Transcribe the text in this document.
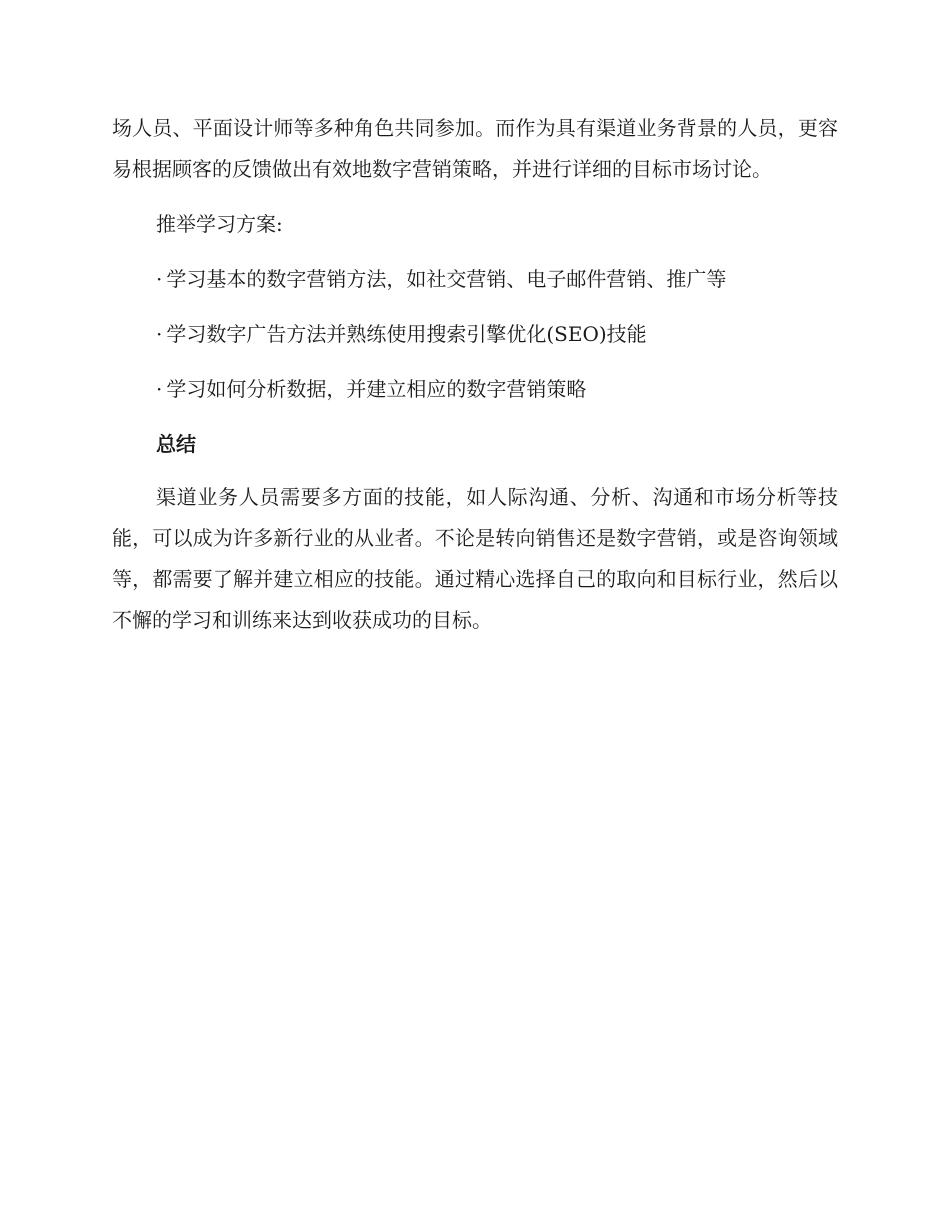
场人员、平面设计师等多种角色共同参加。而作为具有渠道业务背景的人员，更容易根据顾客的反馈做出有效地数字营销策略，并进行详细的目标市场讨论。

推举学习方案:

· 学习基本的数字营销方法，如社交营销、电子邮件营销、推广等

· 学习数字广告方法并熟练使用搜索引擎优化(SEO)技能

· 学习如何分析数据，并建立相应的数字营销策略

总结

渠道业务人员需要多方面的技能，如人际沟通、分析、沟通和市场分析等技能，可以成为许多新行业的从业者。不论是转向销售还是数字营销，或是咨询领域等，都需要了解并建立相应的技能。通过精心选择自己的取向和目标行业，然后以不懈的学习和训练来达到收获成功的目标。
